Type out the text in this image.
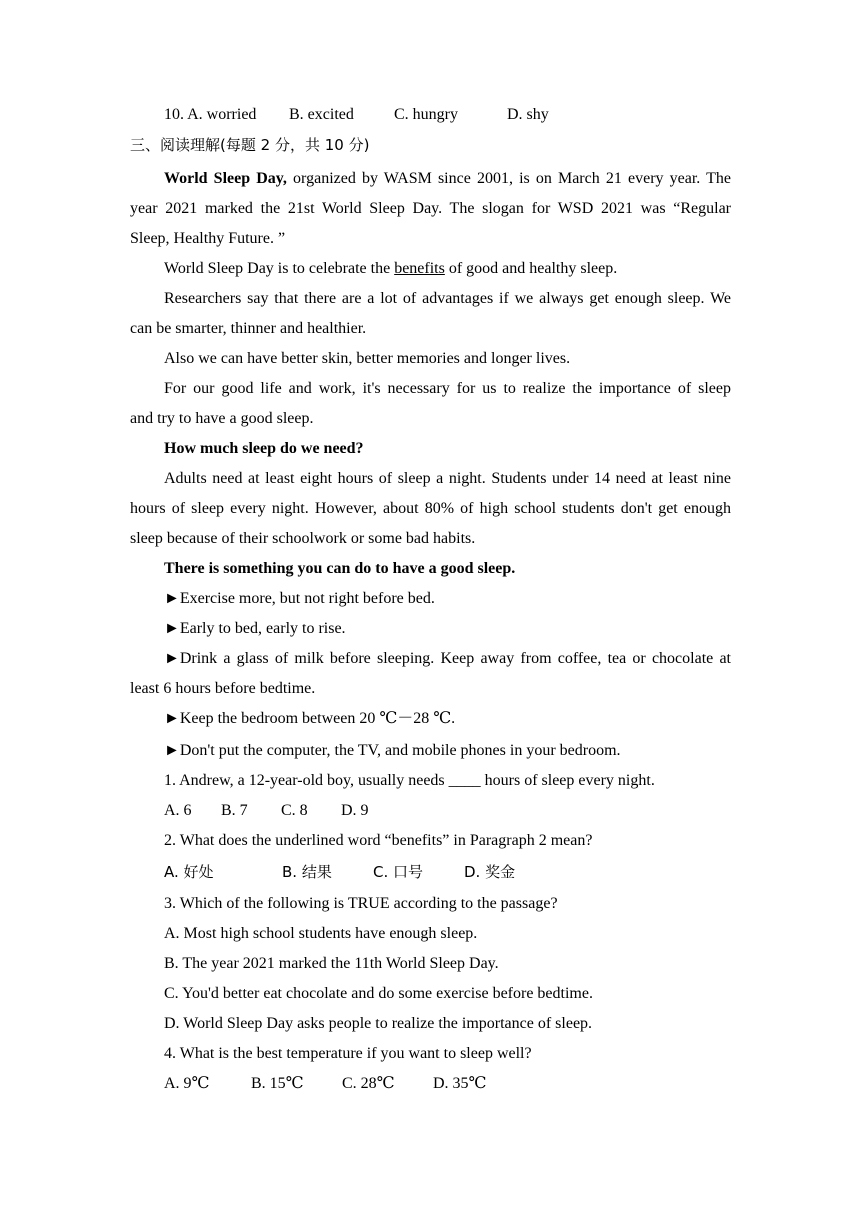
10. A. worried B. excited	C. hungry	D. shy
三、阅读理解(每题 2 分，共 10 分)
World Sleep Day, organized by WASM since 2001, is on March 21 every year. The
year 2021 marked the 21st World Sleep Day. The slogan for WSD 2021 was “Regular
Sleep, Healthy Future. ”
World Sleep Day is to celebrate the benefits of good and healthy sleep.
Researchers say that there are a lot of advantages if we always get enough sleep. We
can be smarter, thinner and healthier.
Also we can have better skin, better memories and longer lives.
For our good life and work, it's necessary for us to realize the importance of sleep
and try to have a good sleep.
How much sleep do we need?
Adults need at least eight hours of sleep a night. Students under 14 need at least nine
hours of sleep every night. However, about 80% of high school students don't get enough
sleep because of their schoolwork or some bad habits.
There is something you can do to have a good sleep.
►Exercise more, but not right before bed.
►Early to bed, early to rise.
►Drink a glass of milk before sleeping. Keep away from coffee, tea or chocolate at
least 6 hours before bedtime.
►Keep the bedroom between 20 ℃－28 ℃.
►Don't put the computer, the TV, and mobile phones in your bedroom.
1. Andrew, a 12-year-old boy, usually needs ____ hours of sleep every night.
A. 6 B. 7 C. 8 D. 9
2. What does the underlined word “benefits” in Paragraph 2 mean?
A. 好处	B. 结果	C. 口号	D. 奖金
3. Which of the following is TRUE according to the passage?
A. Most high school students have enough sleep.
B. The year 2021 marked the 11th World Sleep Day.
C. You'd better eat chocolate and do some exercise before bedtime.
D. World Sleep Day asks people to realize the importance of sleep.
4. What is the best temperature if you want to sleep well?
A. 9℃	B. 15℃ C. 28℃ D. 35℃
